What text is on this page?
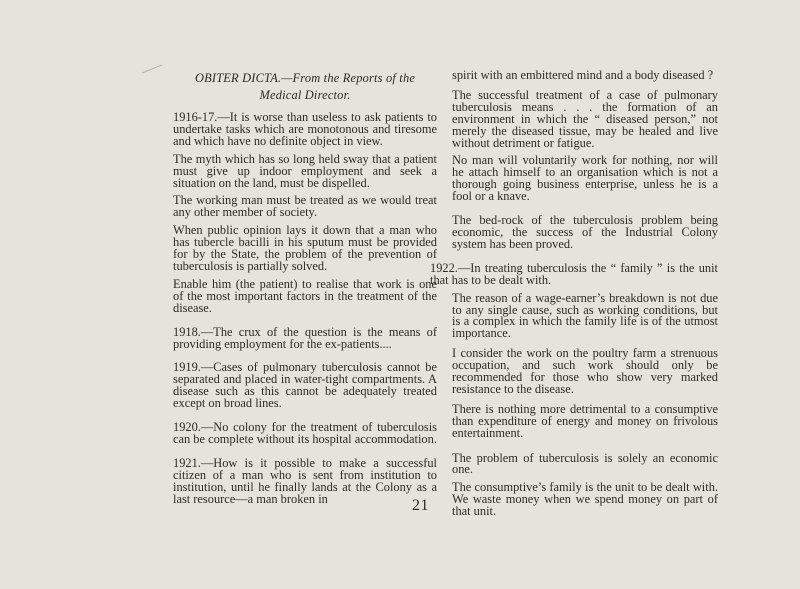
OBITER DICTA.—From the Reports of the
Medical Director.

1916-17.—It is worse than useless to ask patients to undertake tasks which are monotonous and tiresome and which have no definite object in view.

The myth which has so long held sway that a patient must give up indoor employment and seek a situation on the land, must be dispelled.

The working man must be treated as we would treat any other member of society.

When public opinion lays it down that a man who has tubercle bacilli in his sputum must be provided for by the State, the problem of the prevention of tuberculosis is partially solved.

Enable him (the patient) to realise that work is one of the most important factors in the treatment of the disease.

1918.—The crux of the question is the means of providing employment for the ex-patients....

1919.—Cases of pulmonary tuberculosis cannot be separated and placed in water-tight compartments. A disease such as this cannot be adequately treated except on broad lines.

1920.—No colony for the treatment of tuberculosis can be complete without its hospital accommodation.

1921.—How is it possible to make a successful citizen of a man who is sent from institution to institution, until he finally lands at the Colony as a last resource—a man broken in

spirit with an embittered mind and a body diseased ?

The successful treatment of a case of pulmonary tuberculosis means . . . the formation of an environment in which the “ diseased person,” not merely the diseased tissue, may be healed and live without detriment or fatigue.

No man will voluntarily work for nothing, nor will he attach himself to an organisation which is not a thorough going business enterprise, unless he is a fool or a knave.

The bed-rock of the tuberculosis problem being economic, the success of the Industrial Colony system has been proved.

1922.—In treating tuberculosis the “ family ” is the unit that has to be dealt with.

The reason of a wage-earner’s breakdown is not due to any single cause, such as working conditions, but is a complex in which the family life is of the utmost importance.

I consider the work on the poultry farm a strenuous occupation, and such work should only be recommended for those who show very marked resistance to the disease.

There is nothing more detrimental to a consumptive than expenditure of energy and money on frivolous entertainment.

The problem of tuberculosis is solely an economic one.

The consumptive’s family is the unit to be dealt with. We waste money when we spend money on part of that unit.

21
